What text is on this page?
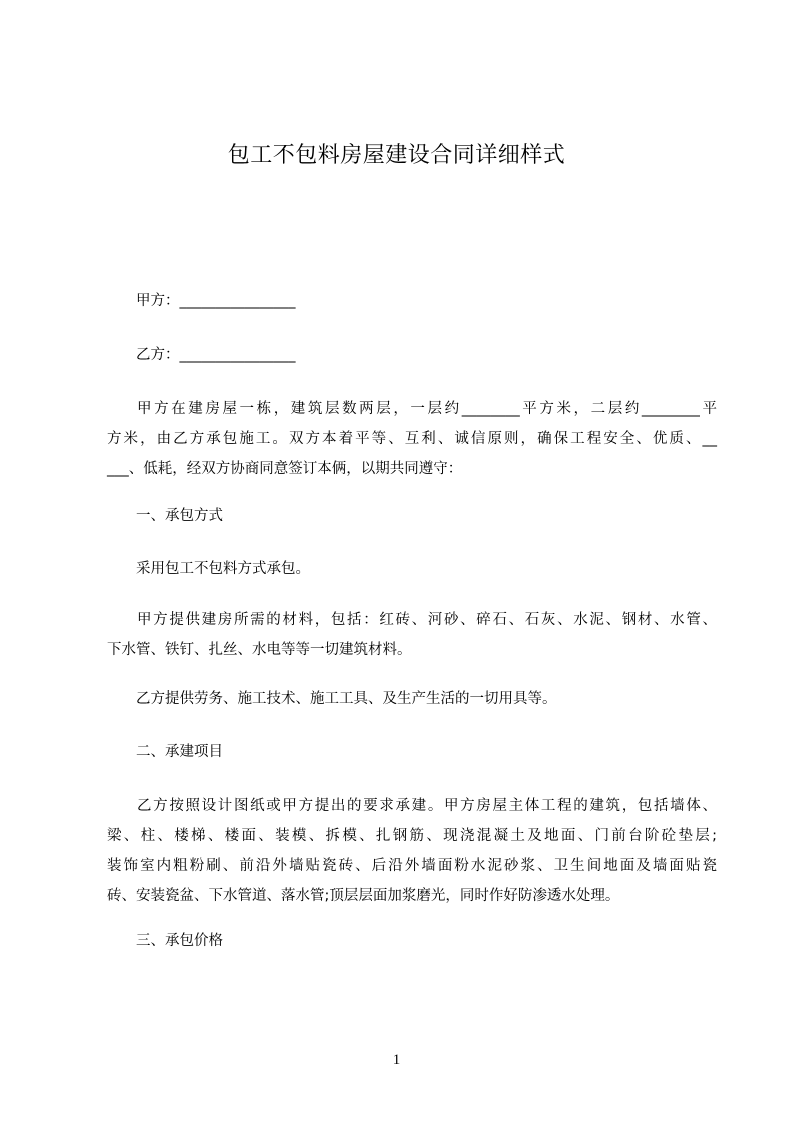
包工不包料房屋建设合同详细样式
甲方：________________
乙方：________________
甲方在建房屋一栋，建筑层数两层，一层约________平方米，二层约________平
方米，由乙方承包施工。双方本着平等、互利、诚信原则，确保工程安全、优质、__
___、低耗，经双方协商同意签订本俩，以期共同遵守：
一、承包方式
采用包工不包料方式承包。
甲方提供建房所需的材料，包括：红砖、河砂、碎石、石灰、水泥、钢材、水管、
下水管、铁钉、扎丝、水电等等一切建筑材料。
乙方提供劳务、施工技术、施工工具、及生产生活的一切用具等。
二、承建项目
乙方按照设计图纸或甲方提出的要求承建。甲方房屋主体工程的建筑，包括墙体、
梁、柱、楼梯、楼面、装模、拆模、扎钢筋、现浇混凝土及地面、门前台阶砼垫层;
装饰室内粗粉刷、前沿外墙贴瓷砖、后沿外墙面粉水泥砂浆、卫生间地面及墙面贴瓷
砖、安装瓷盆、下水管道、落水管;顶层层面加浆磨光，同时作好防渗透水处理。
三、承包价格
1
